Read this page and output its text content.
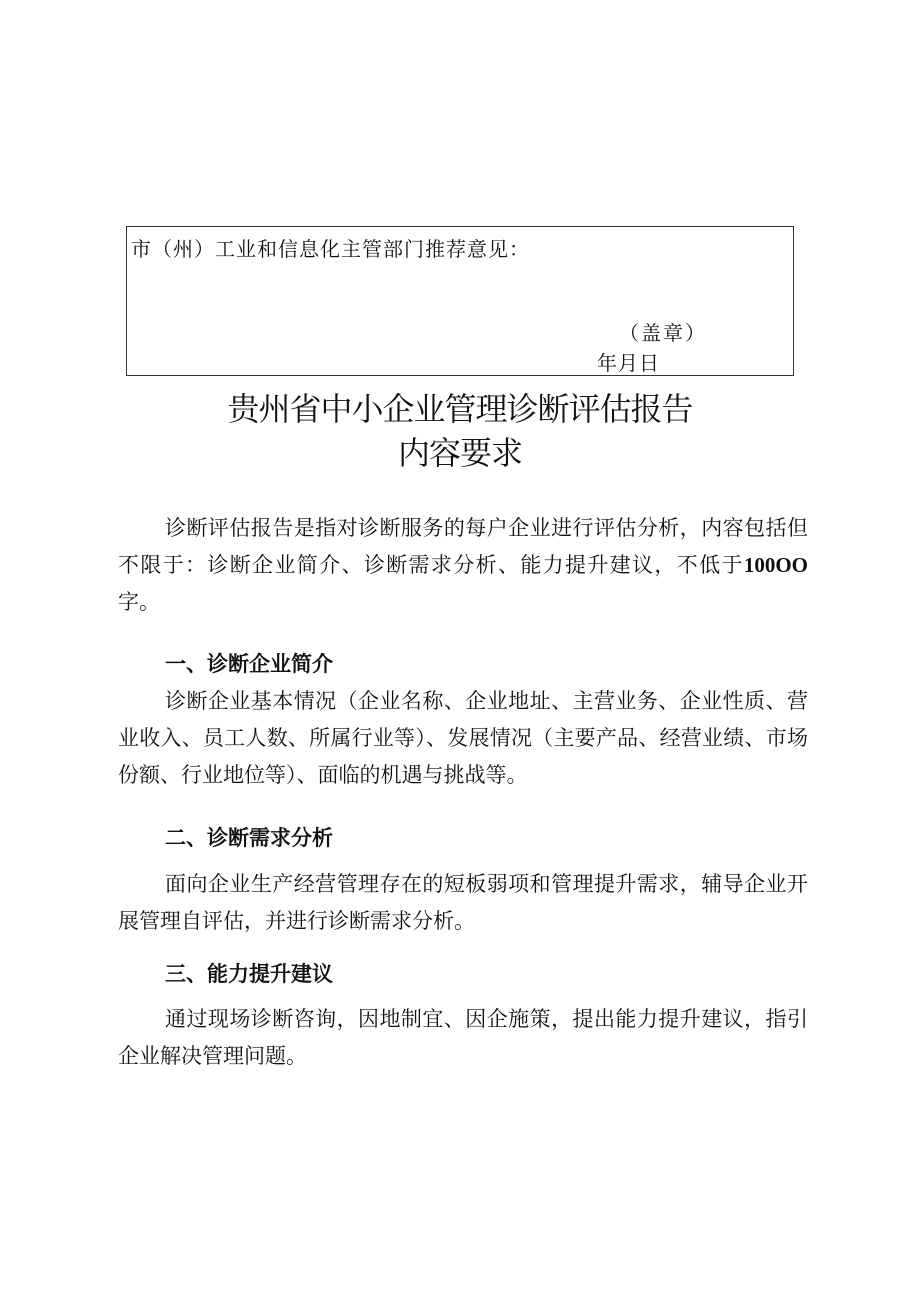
市（州）工业和信息化主管部门推荐意见：
（盖章）
年月日
贵州省中小企业管理诊断评估报告
内容要求

诊断评估报告是指对诊断服务的每户企业进行评估分析，内容包括但不限于：诊断企业简介、诊断需求分析、能力提升建议，不低于100OO字。

一、诊断企业简介

诊断企业基本情况（企业名称、企业地址、主营业务、企业性质、营业收入、员工人数、所属行业等）、发展情况（主要产品、经营业绩、市场份额、行业地位等）、面临的机遇与挑战等。

二、诊断需求分析

面向企业生产经营管理存在的短板弱项和管理提升需求，辅导企业开展管理自评估，并进行诊断需求分析。

三、能力提升建议

通过现场诊断咨询，因地制宜、因企施策，提出能力提升建议，指引企业解决管理问题。
